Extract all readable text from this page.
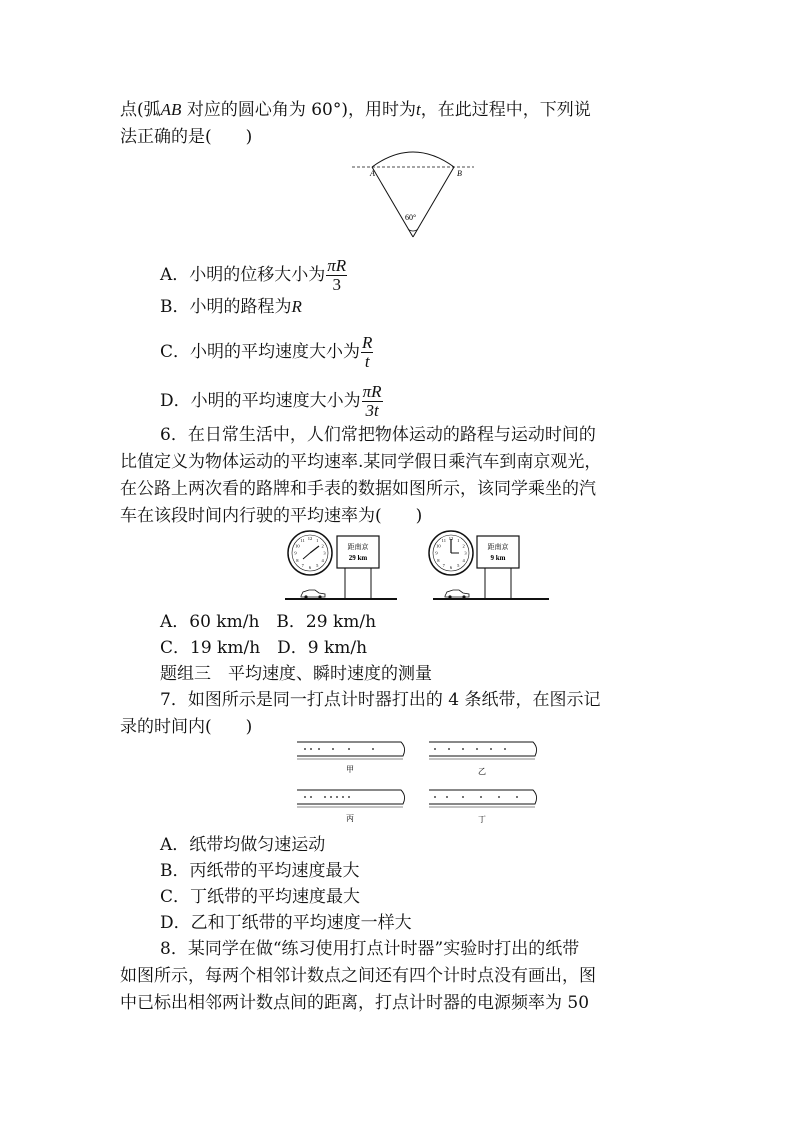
点(弧AB 对应的圆心角为 60°)，用时为t，在此过程中，下列说
法正确的是(　　)
A	B
60°
A．小明的位移大小为 $\frac{\pi R}{3}$
B．小明的路程为R
C．小明的平均速度大小为 $\frac{R}{t}$
D．小明的平均速度大小为 $\frac{\pi R}{3t}$
6．在日常生活中，人们常把物体运动的路程与运动时间的
比值定义为物体运动的平均速率.某同学假日乘汽车到南京观光，
在公路上两次看的路牌和手表的数据如图所示，该同学乘坐的汽
车在该段时间内行驶的平均速率为(　　)
12 1
2
3
4
5
6
7
8
9
10
11
距南京
29 km
12 1
2
3
4
5
6
7
8
9
10
11
距南京
9 km
A．60 km/h　B．29 km/h
C．19 km/h　D．9 km/h
题组三　平均速度、瞬时速度的测量
7．如图所示是同一打点计时器打出的 4 条纸带，在图示记
录的时间内(　　)
甲	乙
丙	丁
A．纸带均做匀速运动
B．丙纸带的平均速度最大
C．丁纸带的平均速度最大
D．乙和丁纸带的平均速度一样大
8．某同学在做“练习使用打点计时器”实验时打出的纸带
如图所示，每两个相邻计数点之间还有四个计时点没有画出，图
中已标出相邻两计数点间的距离，打点计时器的电源频率为 50
